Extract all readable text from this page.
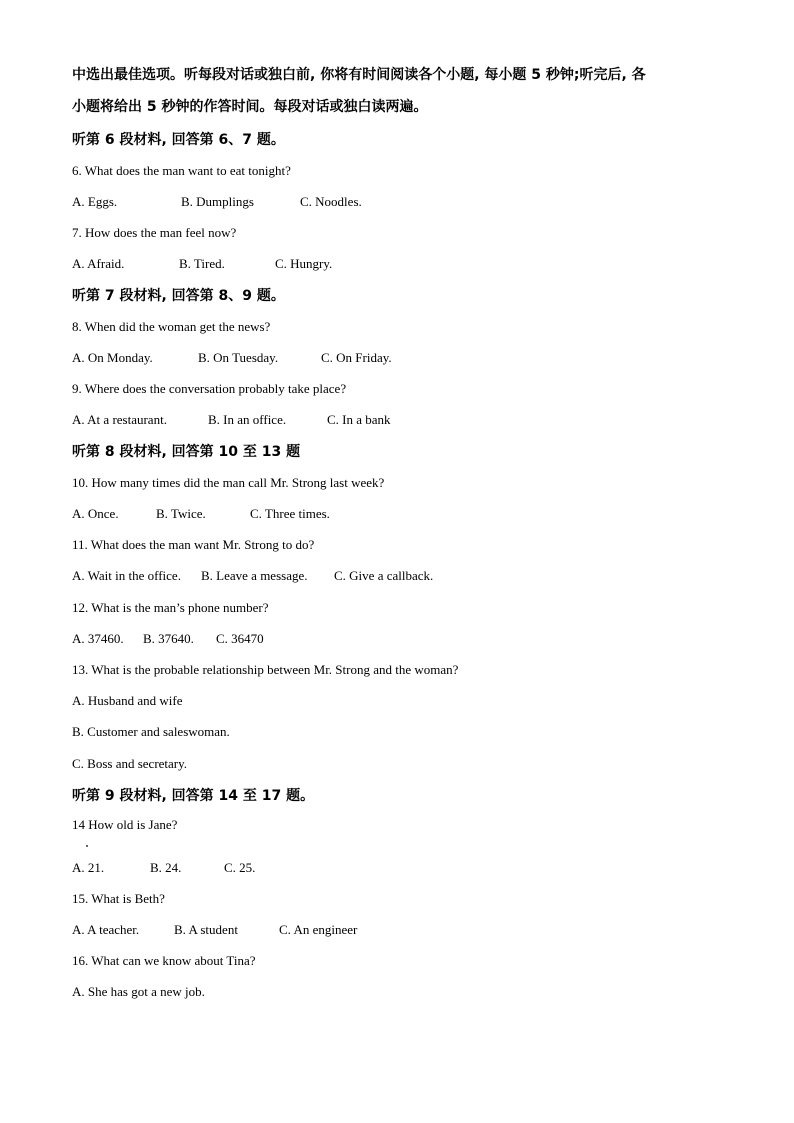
中选出最佳选项。听每段对话或独白前, 你将有时间阅读各个小题, 每小题 5 秒钟;听完后, 各
小题将给出 5 秒钟的作答时间。每段对话或独白读两遍。
听第 6 段材料, 回答第 6、7 题。
6. What does the man want to eat tonight?
A. Eggs.	B. Dumplings	C. Noodles.
7. How does the man feel now?
A. Afraid.	B. Tired.	C. Hungry.
听第 7 段材料, 回答第 8、9 题。
8. When did the woman get the news?
A. On Monday.	B. On Tuesday.	C. On Friday.
9. Where does the conversation probably take place?
A. At a restaurant.	B. In an office.	C. In a bank
听第 8 段材料, 回答第 10 至 13 题
10. How many times did the man call Mr. Strong last week?
A. Once.	B. Twice.	C. Three times.
11. What does the man want Mr. Strong to do?
A. Wait in the office. B. Leave a message. C. Give a callback.
12. What is the man’s phone number?
A. 37460. B. 37640. C. 36470
13. What is the probable relationship between Mr. Strong and the woman?
A. Husband and wife
B. Customer and saleswoman.
C. Boss and secretary.
听第 9 段材料, 回答第 14 至 17 题。
14 How old is Jane?
A. 21.	B. 24.	C. 25.
15. What is Beth?
A. A teacher.	B. A student	C. An engineer
16. What can we know about Tina?
A. She has got a new job.
